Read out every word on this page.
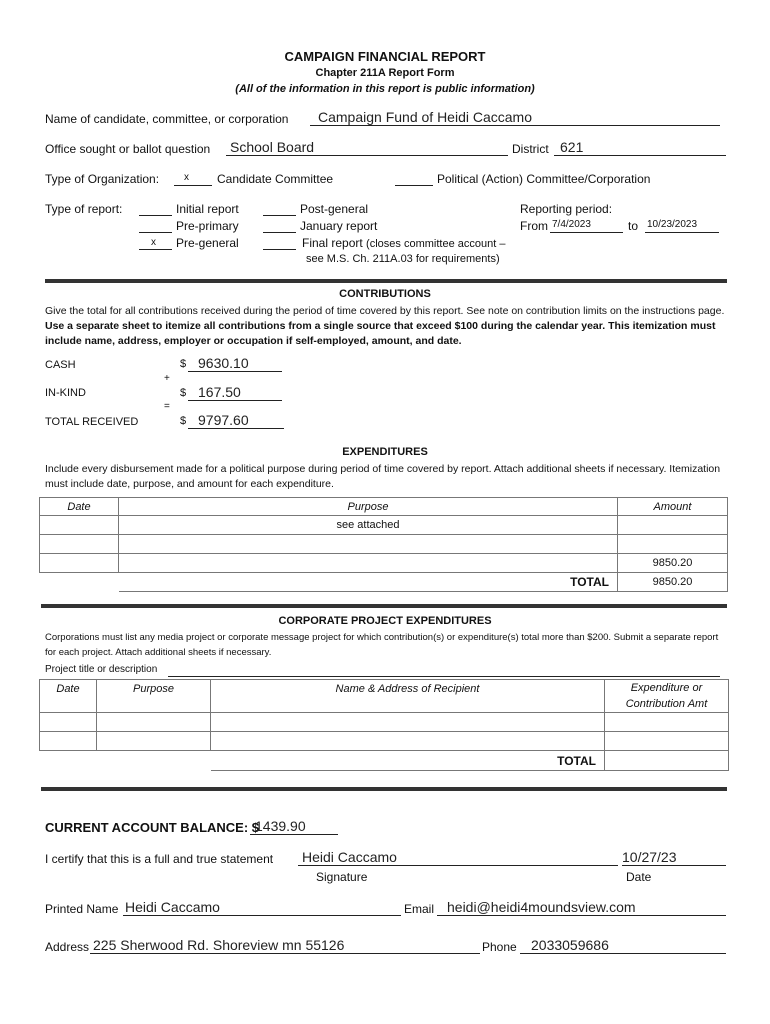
CAMPAIGN FINANCIAL REPORT
Chapter 211A Report Form
(All of the information in this report is public information)
Name of candidate, committee, or corporation Campaign Fund of Heidi Caccamo
Office sought or ballot question School Board	District 621
Type of Organization: x Candidate Committee	Political (Action) Committee/Corporation
Type of report:	Initial report
Pre-primary
x Pre-general
Post-general
January report
Final report (closes committee account –
see M.S. Ch. 211A.03 for requirements)
Reporting period:
From 7/4/2023	to 10/23/2023
CONTRIBUTIONS
Give the total for all contributions received during the period of time covered by this report. See note on contribution limits on the instructions page. Use a separate sheet to itemize all contributions from a single source that exceed $100 during the calendar year. This itemization must include name, address, employer or occupation if self-employed, amount, and date.
CASH	$ 9630.10
+
IN-KIND	$ 167.50
=
TOTAL RECEIVED	$ 9797.60
EXPENDITURES
Include every disbursement made for a political purpose during period of time covered by report. Attach additional sheets if necessary. Itemization must include date, purpose, and amount for each expenditure.
Date	Purpose	Amount
	see attached	

		9850.20
	TOTAL	9850.20
CORPORATE PROJECT EXPENDITURES
Corporations must list any media project or corporate message project for which contribution(s) or expenditure(s) total more than $200. Submit a separate report for each project. Attach additional sheets if necessary.
Project title or description
Date	Purpose	Name & Address of Recipient	Expenditure or
Contribution Amt

		TOTAL	
CURRENT ACCOUNT BALANCE: $
1439.90
I certify that this is a full and true statement Heidi Caccamo
Signature
10/27/23
Date
Printed Name Heidi Caccamo	Email heidi@heidi4moundsview.com
Address 225 Sherwood Rd. Shoreview mn 55126	Phone 2033059686
